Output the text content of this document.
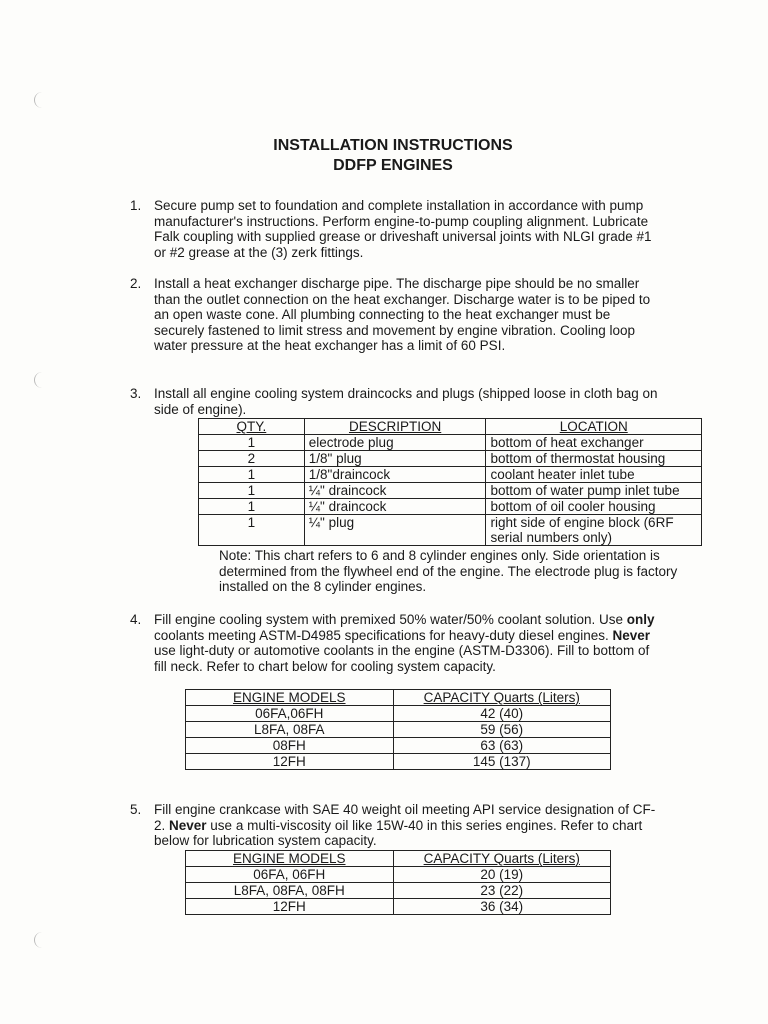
INSTALLATION INSTRUCTIONS
DDFP ENGINES
1. Secure pump set to foundation and complete installation in accordance with pump manufacturer's instructions. Perform engine-to-pump coupling alignment. Lubricate Falk coupling with supplied grease or driveshaft universal joints with NLGI grade #1 or #2 grease at the (3) zerk fittings.
2. Install a heat exchanger discharge pipe. The discharge pipe should be no smaller than the outlet connection on the heat exchanger. Discharge water is to be piped to an open waste cone. All plumbing connecting to the heat exchanger must be securely fastened to limit stress and movement by engine vibration. Cooling loop water pressure at the heat exchanger has a limit of 60 PSI.
3. Install all engine cooling system draincocks and plugs (shipped loose in cloth bag on side of engine).
QTY.	DESCRIPTION	LOCATION
1	electrode plug	bottom of heat exchanger
2	1/8" plug	bottom of thermostat housing
1	1/8"draincock	coolant heater inlet tube
1	¼" draincock	bottom of water pump inlet tube
1	¼" draincock	bottom of oil cooler housing
1	¼" plug	right side of engine block (6RF serial numbers only)
Note: This chart refers to 6 and 8 cylinder engines only. Side orientation is determined from the flywheel end of the engine. The electrode plug is factory installed on the 8 cylinder engines.
4. Fill engine cooling system with premixed 50% water/50% coolant solution. Use only coolants meeting ASTM-D4985 specifications for heavy-duty diesel engines. Never use light-duty or automotive coolants in the engine (ASTM-D3306). Fill to bottom of fill neck. Refer to chart below for cooling system capacity.
ENGINE MODELS	CAPACITY Quarts (Liters)
06FA,06FH	42 (40)
L8FA, 08FA	59 (56)
08FH	63 (63)
12FH	145 (137)
5. Fill engine crankcase with SAE 40 weight oil meeting API service designation of CF-2. Never use a multi-viscosity oil like 15W-40 in this series engines. Refer to chart below for lubrication system capacity.
ENGINE MODELS	CAPACITY Quarts (Liters)
06FA, 06FH	20 (19)
L8FA, 08FA, 08FH	23 (22)
12FH	36 (34)
